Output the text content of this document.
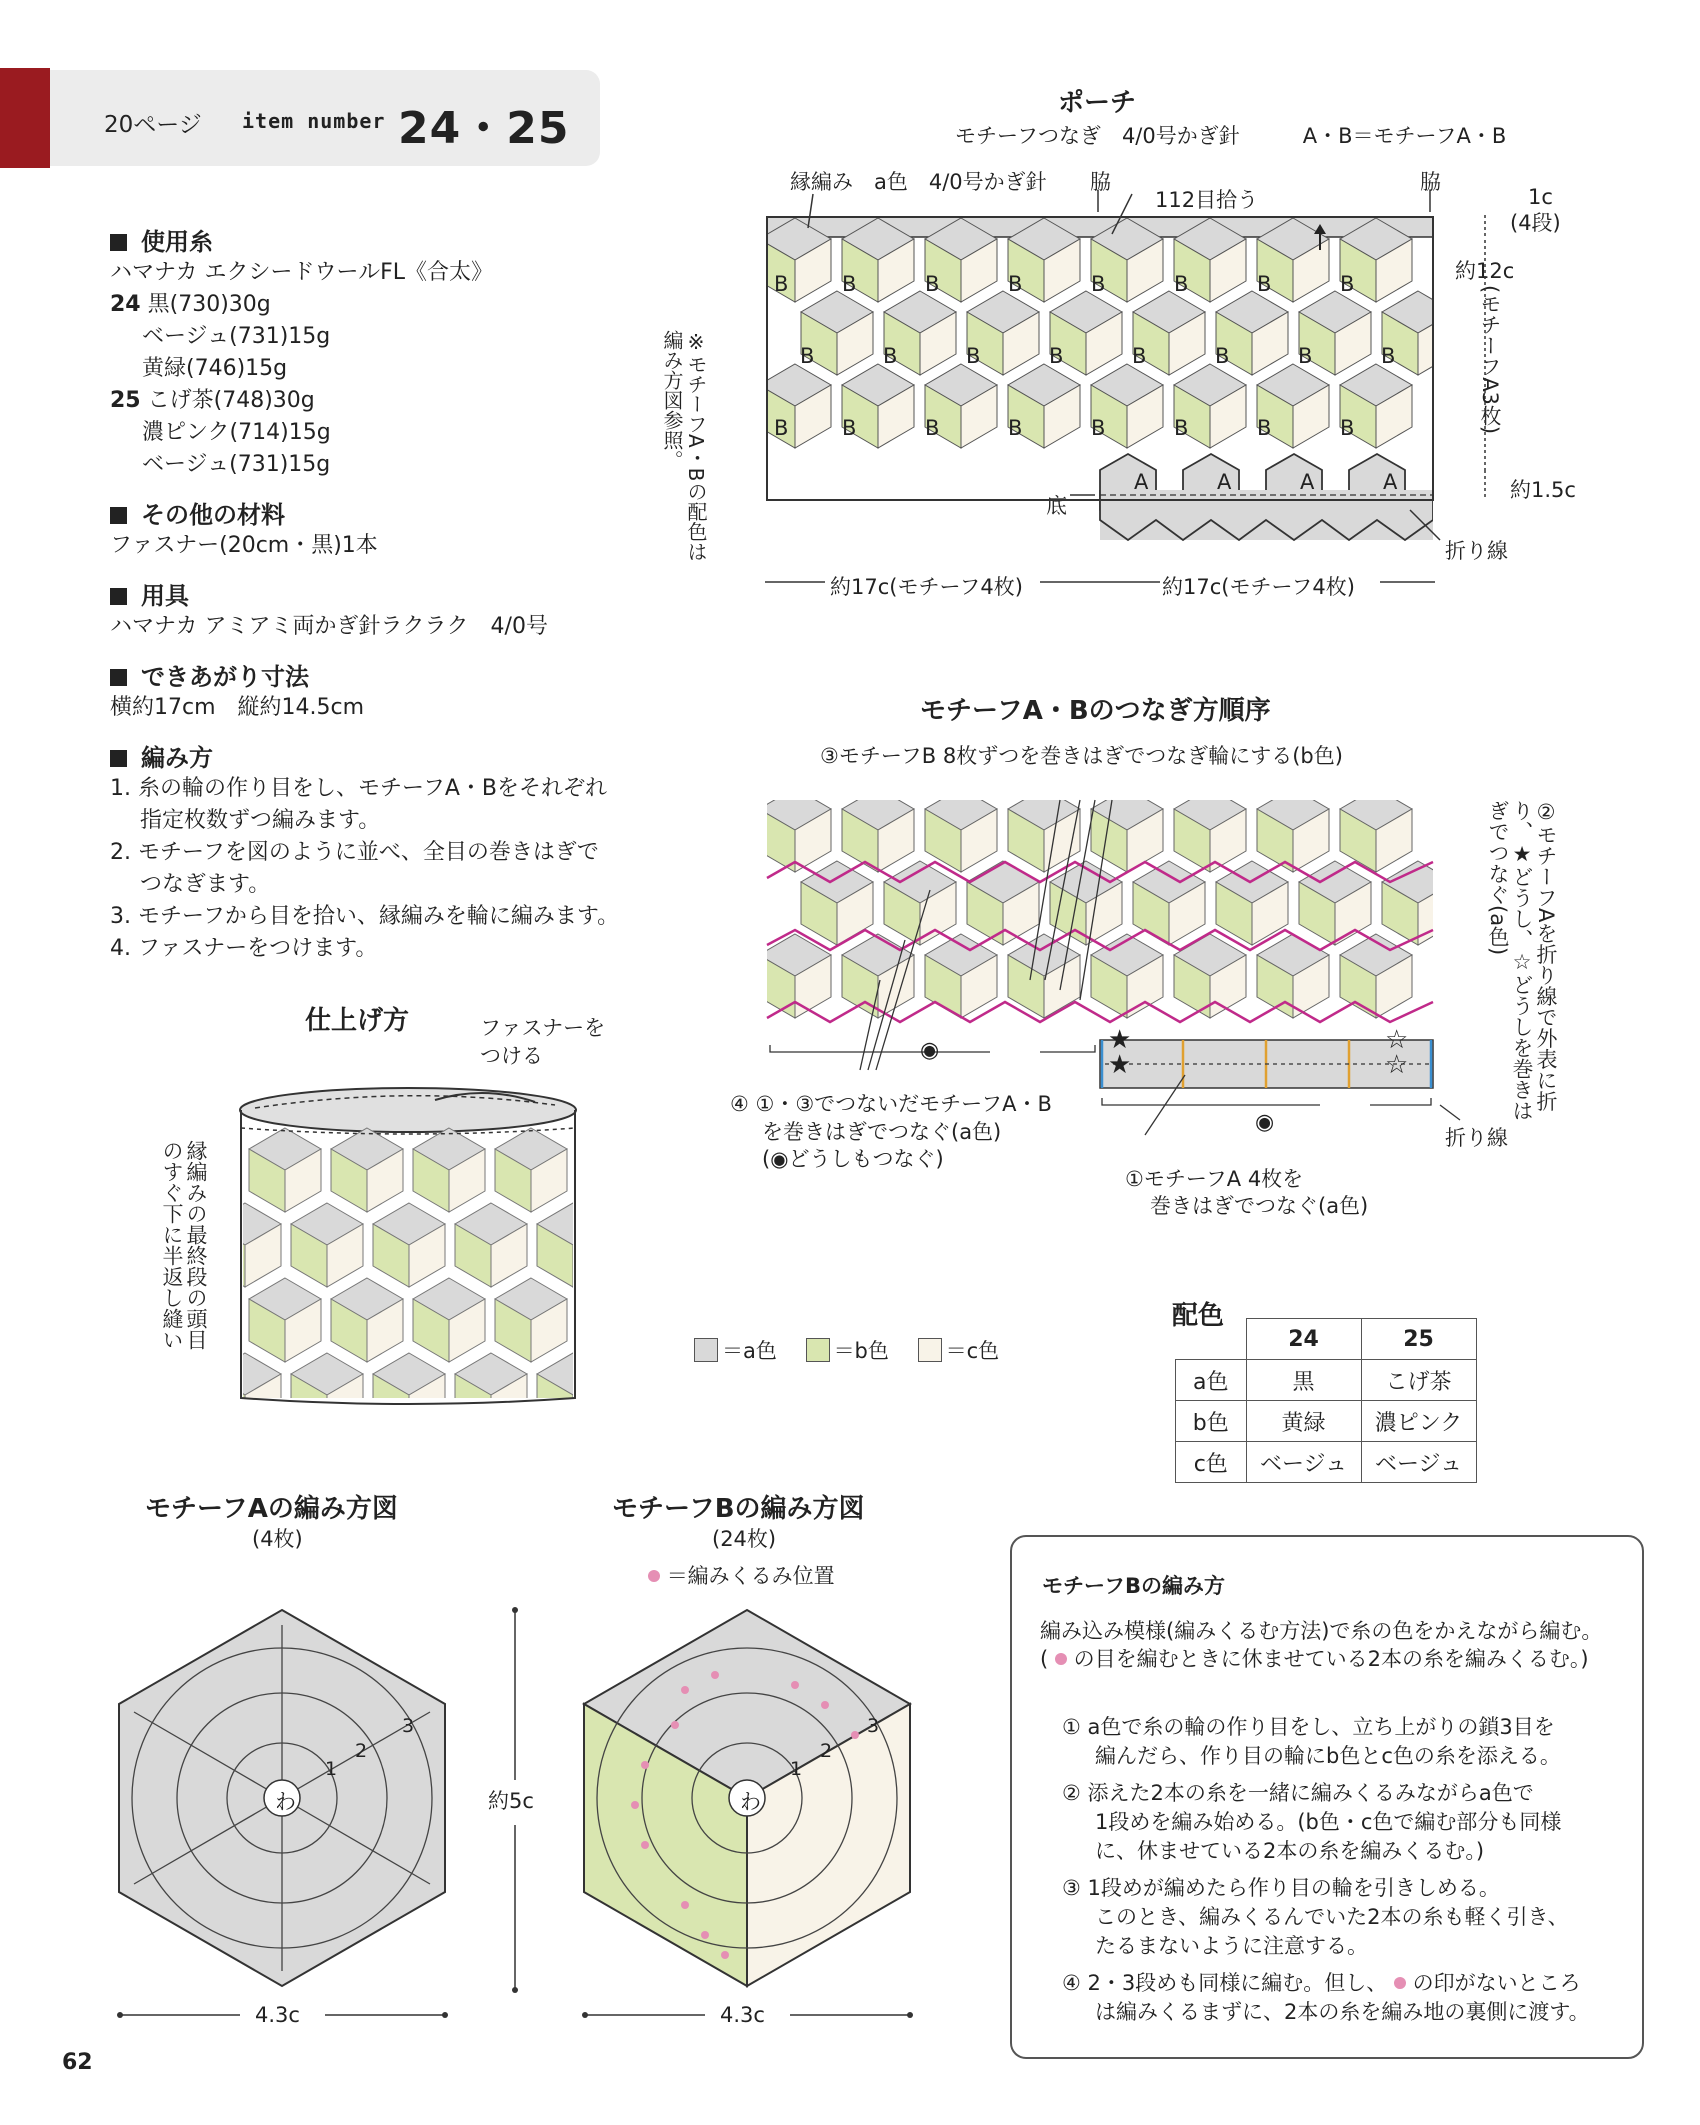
20ページ item number 24・25
使用糸
ハマナカ エクシードウールFL《合太》
24 黒(730)30g
ベージュ(731)15g
黄緑(746)15g
25 こげ茶(748)30g
濃ピンク(714)15g
ベージュ(731)15g
その他の材料
ファスナー(20cm・黒)1本
用具
ハマナカ アミアミ両かぎ針ラクラク　4/0号
できあがり寸法
横約17cm　縦約14.5cm
編み方
1. 糸の輪の作り目をし、モチーフA・Bをそれぞれ
指定枚数ずつ編みます。
2. モチーフを図のように並べ、全目の巻きはぎで
つなぎます。
3. モチーフから目を拾い、縁編みを輪に編みます。
4. ファスナーをつけます。
ポーチ
モチーフつなぎ　4/0号かぎ針　　　A・B＝モチーフA・B
縁編み　a色　4/0号かぎ針 脇	脇
112目拾う	1c
(4段)
約12c
(モチーフA3枚)
約1.5c
底
折り線
約17c(モチーフ4枚)	約17c(モチーフ4枚)
※モチーフA・Bの配色は編み方図参照。
B	B	B	B	B	B	B	B
B	B	B	B	B	B	B	B
B	B	B	B	B	B	B	B
A	A	A	A
モチーフA・Bのつなぎ方順序
③モチーフB 8枚ずつを巻きはぎでつなぎ輪にする(b色)
②モチーフAを折り線で外表に折り、★どうし、☆どうしを巻きはぎでつなぐ(a色)
④ ①・③でつないだモチーフA・B
を巻きはぎでつなぐ(a色)
(◉どうしもつなぐ)
①モチーフA 4枚を
巻きはぎでつなぐ(a色)
折り線
★
★
☆
☆
◉
◉
仕上げ方	ファスナーを
つける
縁編みの最終段の頭目のすぐ下に半返し縫い
＝a色	＝b色	＝c色
配色
	24	25
a色	黒	こげ茶
b色	黄緑	濃ピンク
c色	ベージュ	ベージュ
モチーフAの編み方図
(4枚)
わ
1
2
3
4.3c
約5c
モチーフBの編み方図
(24枚)
＝編みくるみ位置
わ
1
2
3
4.3c
モチーフBの編み方
編み込み模様(編みくるむ方法)で糸の色をかえながら編む。
( の目を編むときに休ませている2本の糸を編みくるむ。)
① a色で糸の輪の作り目をし、立ち上がりの鎖3目を
編んだら、作り目の輪にb色とc色の糸を添える。
② 添えた2本の糸を一緒に編みくるみながらa色で
1段めを編み始める。(b色・c色で編む部分も同様
に、休ませている2本の糸を編みくるむ。)
③ 1段めが編めたら作り目の輪を引きしめる。
このとき、編みくるんでいた2本の糸も軽く引き、
たるまないように注意する。
④ 2・3段めも同様に編む。但し、 の印がないところ
は編みくるまずに、2本の糸を編み地の裏側に渡す。
62
